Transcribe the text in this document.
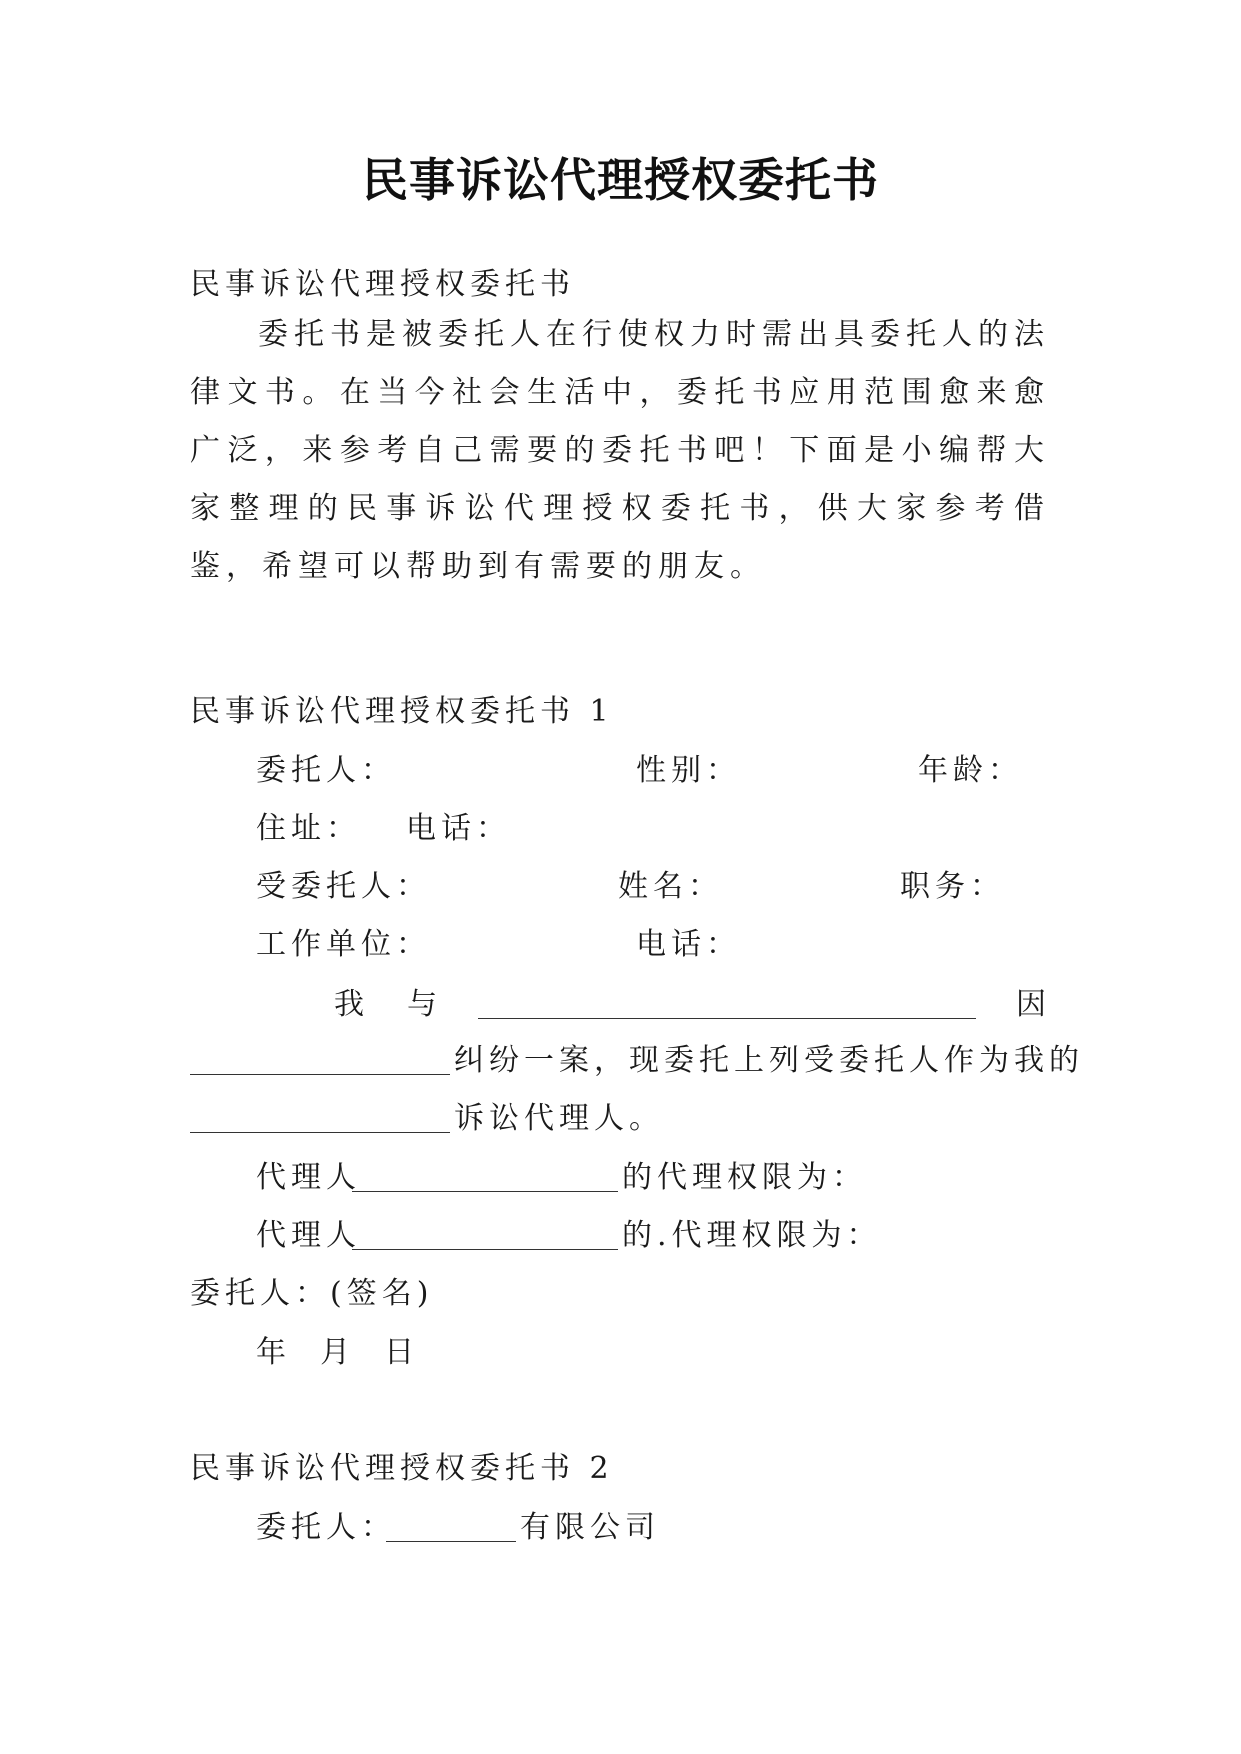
民事诉讼代理授权委托书
民事诉讼代理授权委托书

委托书是被委托人在行使权力时需出具委托人的法律文书。在当今社会生活中，委托书应用范围愈来愈广泛，来参考自己需要的委托书吧！下面是小编帮大家整理的民事诉讼代理授权委托书，供大家参考借鉴，希望可以帮助到有需要的朋友。

民事诉讼代理授权委托书 1
委托人：	性别：	年龄：
住址： 电话：
受委托人：	姓名：	职务：
工作单位：	电话：
我 与	因
纠纷一案，现委托上列受委托人作为我的
诉讼代理人。
代理人	的代理权限为：
代理人	的.代理权限为：
委托人：(签名)
年  月  日
民事诉讼代理授权委托书 2
委托人：	有限公司
